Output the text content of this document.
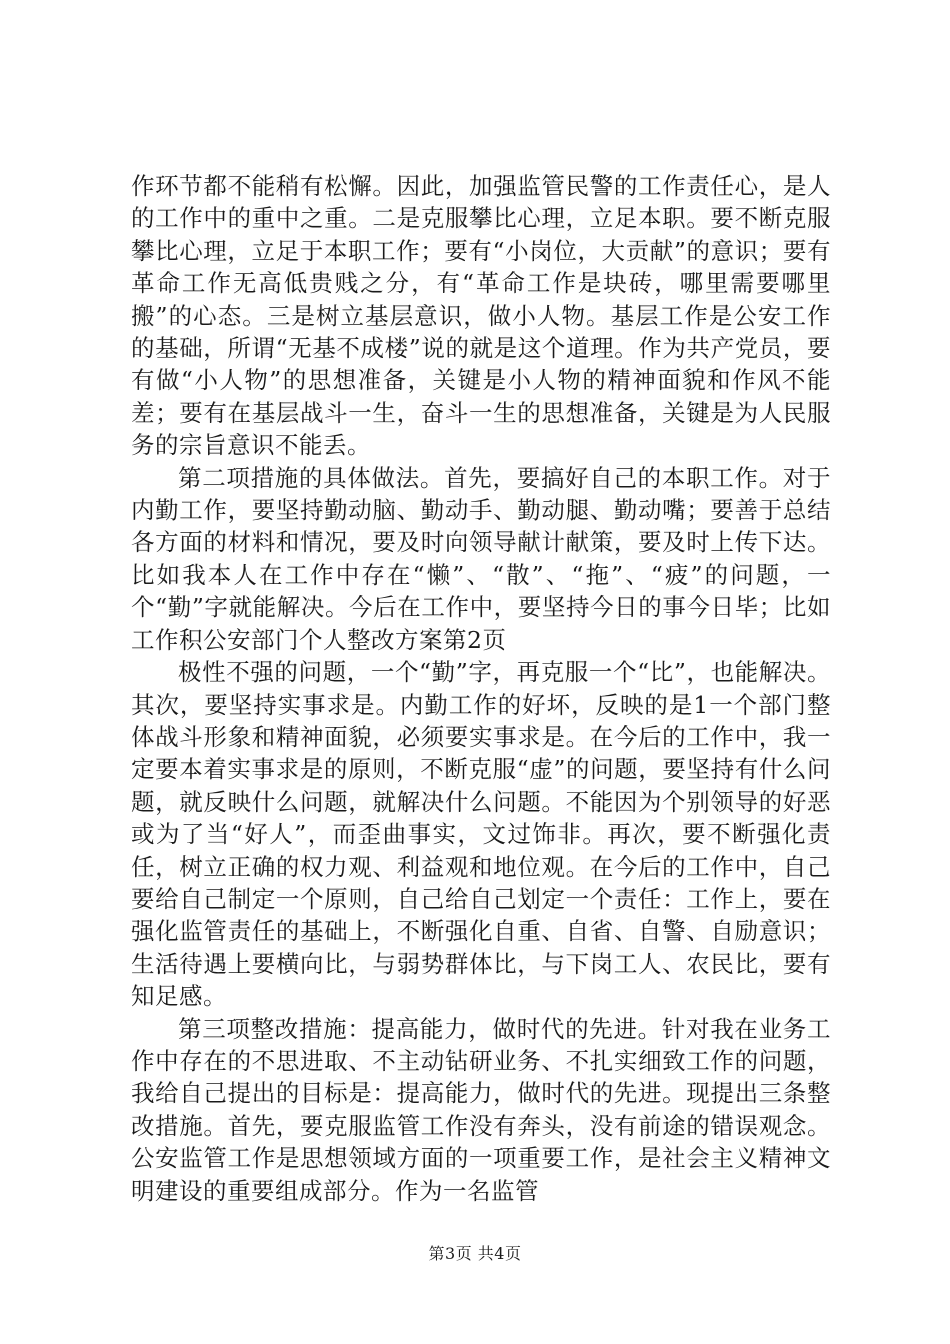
作环节都不能稍有松懈。因此，加强监管民警的工作责任心，是人的工作中的重中之重。二是克服攀比心理，立足本职。要不断克服攀比心理，立足于本职工作；要有“小岗位，大贡献”的意识；要有革命工作无高低贵贱之分，有“革命工作是块砖，哪里需要哪里搬”的心态。三是树立基层意识，做小人物。基层工作是公安工作的基础，所谓“无基不成楼”说的就是这个道理。作为共产党员，要有做“小人物”的思想准备，关键是小人物的精神面貌和作风不能差；要有在基层战斗一生，奋斗一生的思想准备，关键是为人民服务的宗旨意识不能丢。

第二项措施的具体做法。首先，要搞好自己的本职工作。对于内勤工作，要坚持勤动脑、勤动手、勤动腿、勤动嘴；要善于总结各方面的材料和情况，要及时向领导献计献策，要及时上传下达。比如我本人在工作中存在“懒”、“散”、“拖”、“疲”的问题，一个“勤”字就能解决。今后在工作中，要坚持今日的事今日毕；比如工作积公安部门个人整改方案第2页

极性不强的问题，一个“勤”字，再克服一个“比”，也能解决。其次，要坚持实事求是。内勤工作的好坏，反映的是1一个部门整体战斗形象和精神面貌，必须要实事求是。在今后的工作中，我一定要本着实事求是的原则，不断克服“虚”的问题，要坚持有什么问题，就反映什么问题，就解决什么问题。不能因为个别领导的好恶或为了当“好人”，而歪曲事实，文过饰非。再次，要不断强化责任，树立正确的权力观、利益观和地位观。在今后的工作中，自己要给自己制定一个原则，自己给自己划定一个责任：工作上，要在强化监管责任的基础上，不断强化自重、自省、自警、自励意识；生活待遇上要横向比，与弱势群体比，与下岗工人、农民比，要有知足感。

第三项整改措施：提高能力，做时代的先进。针对我在业务工作中存在的不思进取、不主动钻研业务、不扎实细致工作的问题，我给自己提出的目标是：提高能力，做时代的先进。现提出三条整改措施。首先，要克服监管工作没有奔头，没有前途的错误观念。公安监管工作是思想领域方面的一项重要工作，是社会主义精神文明建设的重要组成部分。作为一名监管

第3页 共4页
